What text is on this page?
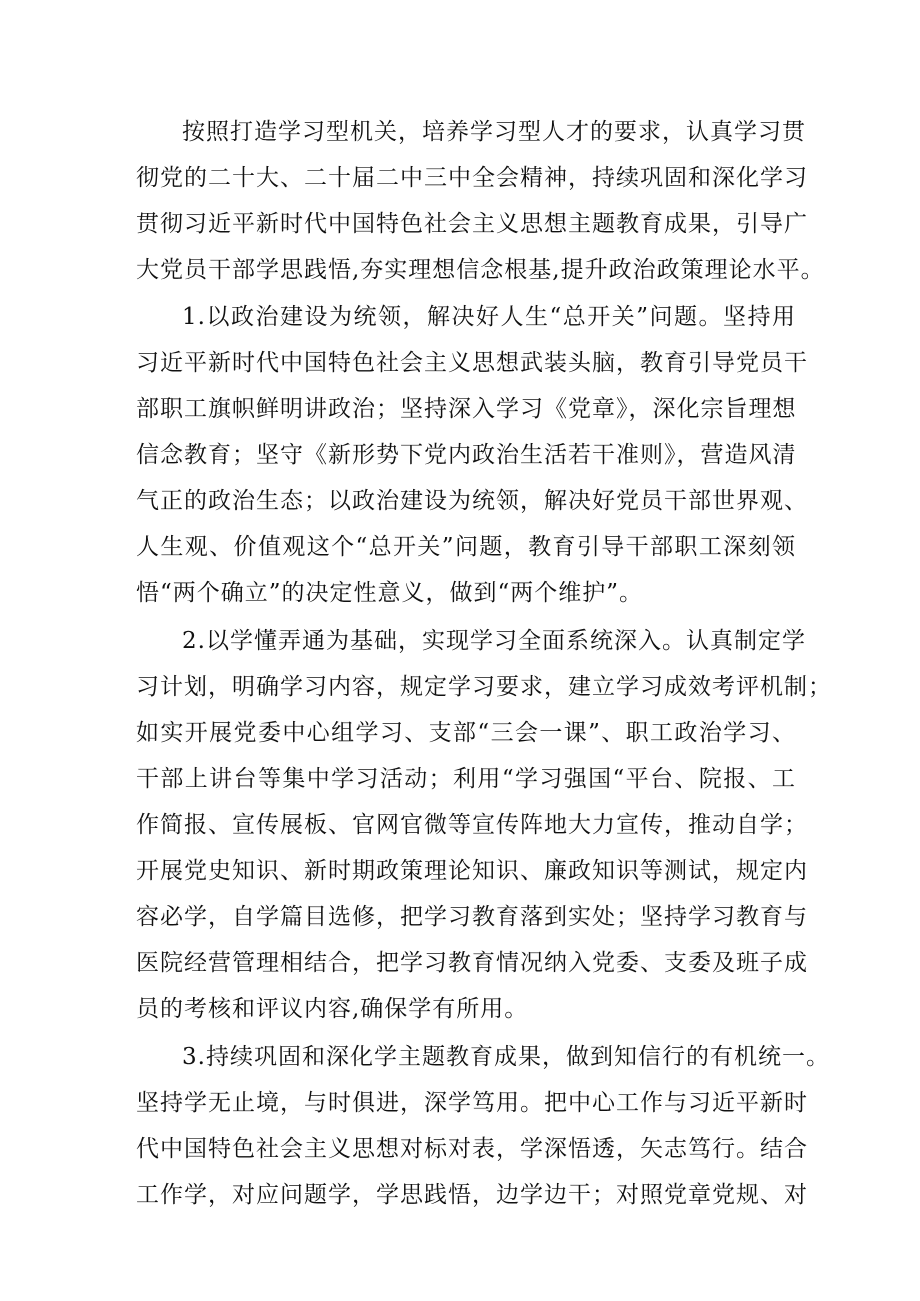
按照打造学习型机关，培养学习型人才的要求，认真学习贯
彻党的二十大、二十届二中三中全会精神，持续巩固和深化学习
贯彻习近平新时代中国特色社会主义思想主题教育成果，引导广
大党员干部学思践悟,夯实理想信念根基,提升政治政策理论水平。
1.以政治建设为统领，解决好人生“总开关”问题。坚持用
习近平新时代中国特色社会主义思想武装头脑，教育引导党员干
部职工旗帜鲜明讲政治；坚持深入学习《党章》，深化宗旨理想
信念教育；坚守《新形势下党内政治生活若干准则》，营造风清
气正的政治生态；以政治建设为统领，解决好党员干部世界观、
人生观、价值观这个“总开关”问题，教育引导干部职工深刻领
悟“两个确立”的决定性意义，做到“两个维护”。
2.以学懂弄通为基础，实现学习全面系统深入。认真制定学
习计划，明确学习内容，规定学习要求，建立学习成效考评机制；
如实开展党委中心组学习、支部“三会一课”、职工政治学习、
干部上讲台等集中学习活动；利用“学习强国“平台、院报、工
作简报、宣传展板、官网官微等宣传阵地大力宣传，推动自学；
开展党史知识、新时期政策理论知识、廉政知识等测试，规定内
容必学，自学篇目选修，把学习教育落到实处；坚持学习教育与
医院经营管理相结合，把学习教育情况纳入党委、支委及班子成
员的考核和评议内容,确保学有所用。
3.持续巩固和深化学主题教育成果，做到知信行的有机统一。
坚持学无止境，与时俱进，深学笃用。把中心工作与习近平新时
代中国特色社会主义思想对标对表，学深悟透，矢志笃行。结合
工作学，对应问题学，学思践悟，边学边干；对照党章党规、对
